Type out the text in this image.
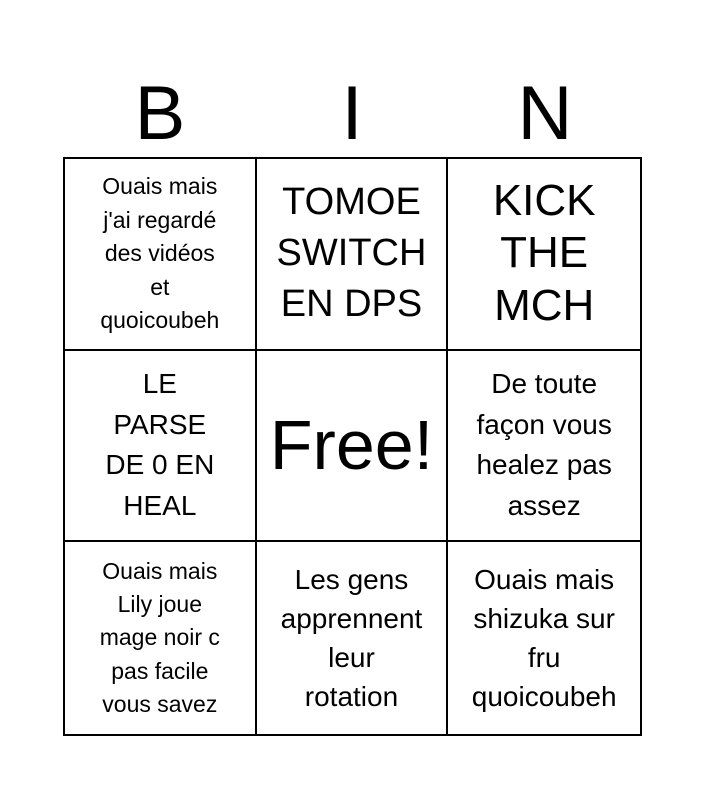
B	I	N
Ouais mais
j'ai regardé
des vidéos
et
quoicoubeh
TOMOE
SWITCH
EN DPS
KICK
THE
MCH
LE
PARSE
DE 0 EN
HEAL
Free!
De toute
façon vous
healez pas
assez
Ouais mais
Lily joue
mage noir c
pas facile
vous savez
Les gens
apprennent
leur
rotation
Ouais mais
shizuka sur
fru
quoicoubeh
